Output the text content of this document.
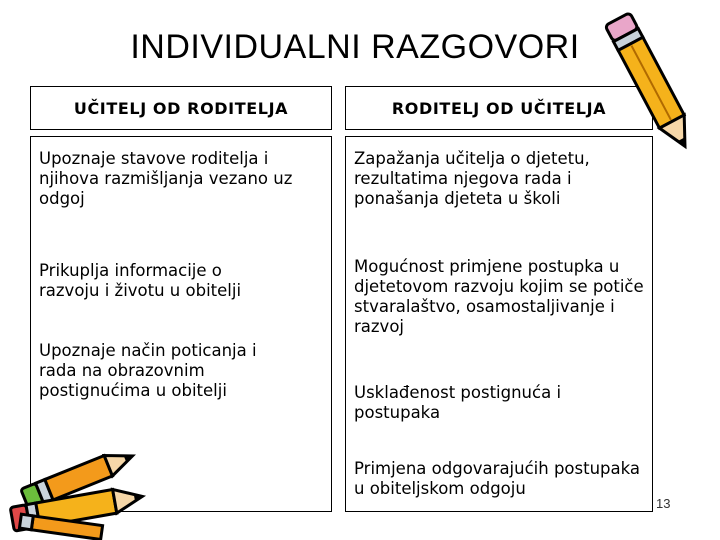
INDIVIDUALNI RAZGOVORI
UČITELJ OD RODITELJA	RODITELJ OD UČITELJA
Upoznaje stavove roditelja i njihova razmišljanja vezano uz odgoj
Prikuplja informacije o razvoju i životu u obitelji
Upoznaje način poticanja i rada na obrazovnim postignućima u obitelji
Zapažanja učitelja o djetetu, rezultatima njegova rada i ponašanja djeteta u školi
Mogućnost primjene postupka u djetetovom razvoju kojim se potiče stvaralaštvo, osamostaljivanje i razvoj
Usklađenost postignuća i postupaka
Primjena odgovarajućih postupaka u obiteljskom odgoju
13
